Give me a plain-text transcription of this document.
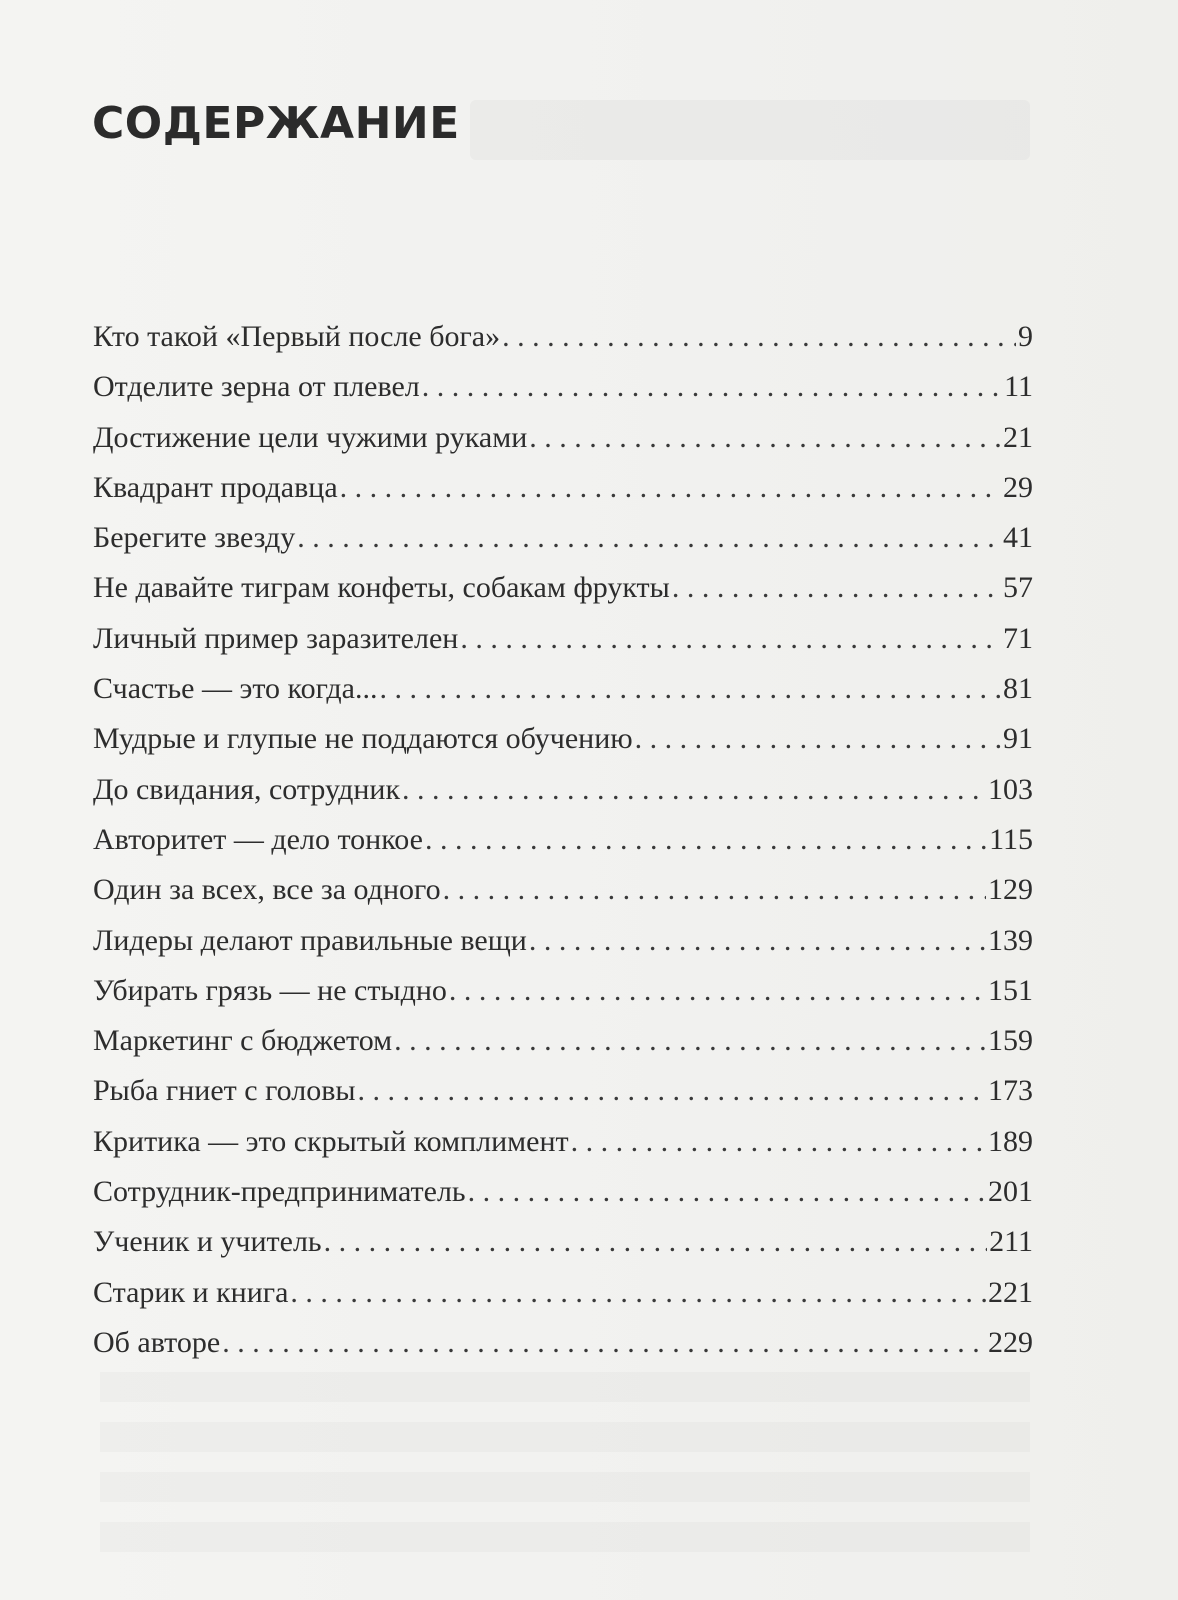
СОДЕРЖАНИЕ
Кто такой «Первый после бога» . . .	9
Отделите зерна от плевел . . .	11
Достижение цели чужими руками . . .	21
Квадрант продавца . . .	29
Берегите звезду . . .	41
Не давайте тиграм конфеты, собакам фрукты . . .	57
Личный пример заразителен . . .	71
Счастье — это когда... . . .	81
Мудрые и глупые не поддаются обучению . . .	91
До свидания, сотрудник . . .	103
Авторитет — дело тонкое . . .	115
Один за всех, все за одного . . .	129
Лидеры делают правильные вещи . . .	139
Убирать грязь — не стыдно . . .	151
Маркетинг с бюджетом . . .	159
Рыба гниет с головы . . .	173
Критика — это скрытый комплимент . . .	189
Сотрудник-предприниматель . . .	201
Ученик и учитель . . .	211
Старик и книга . . .	221
Об авторе . . .	229
